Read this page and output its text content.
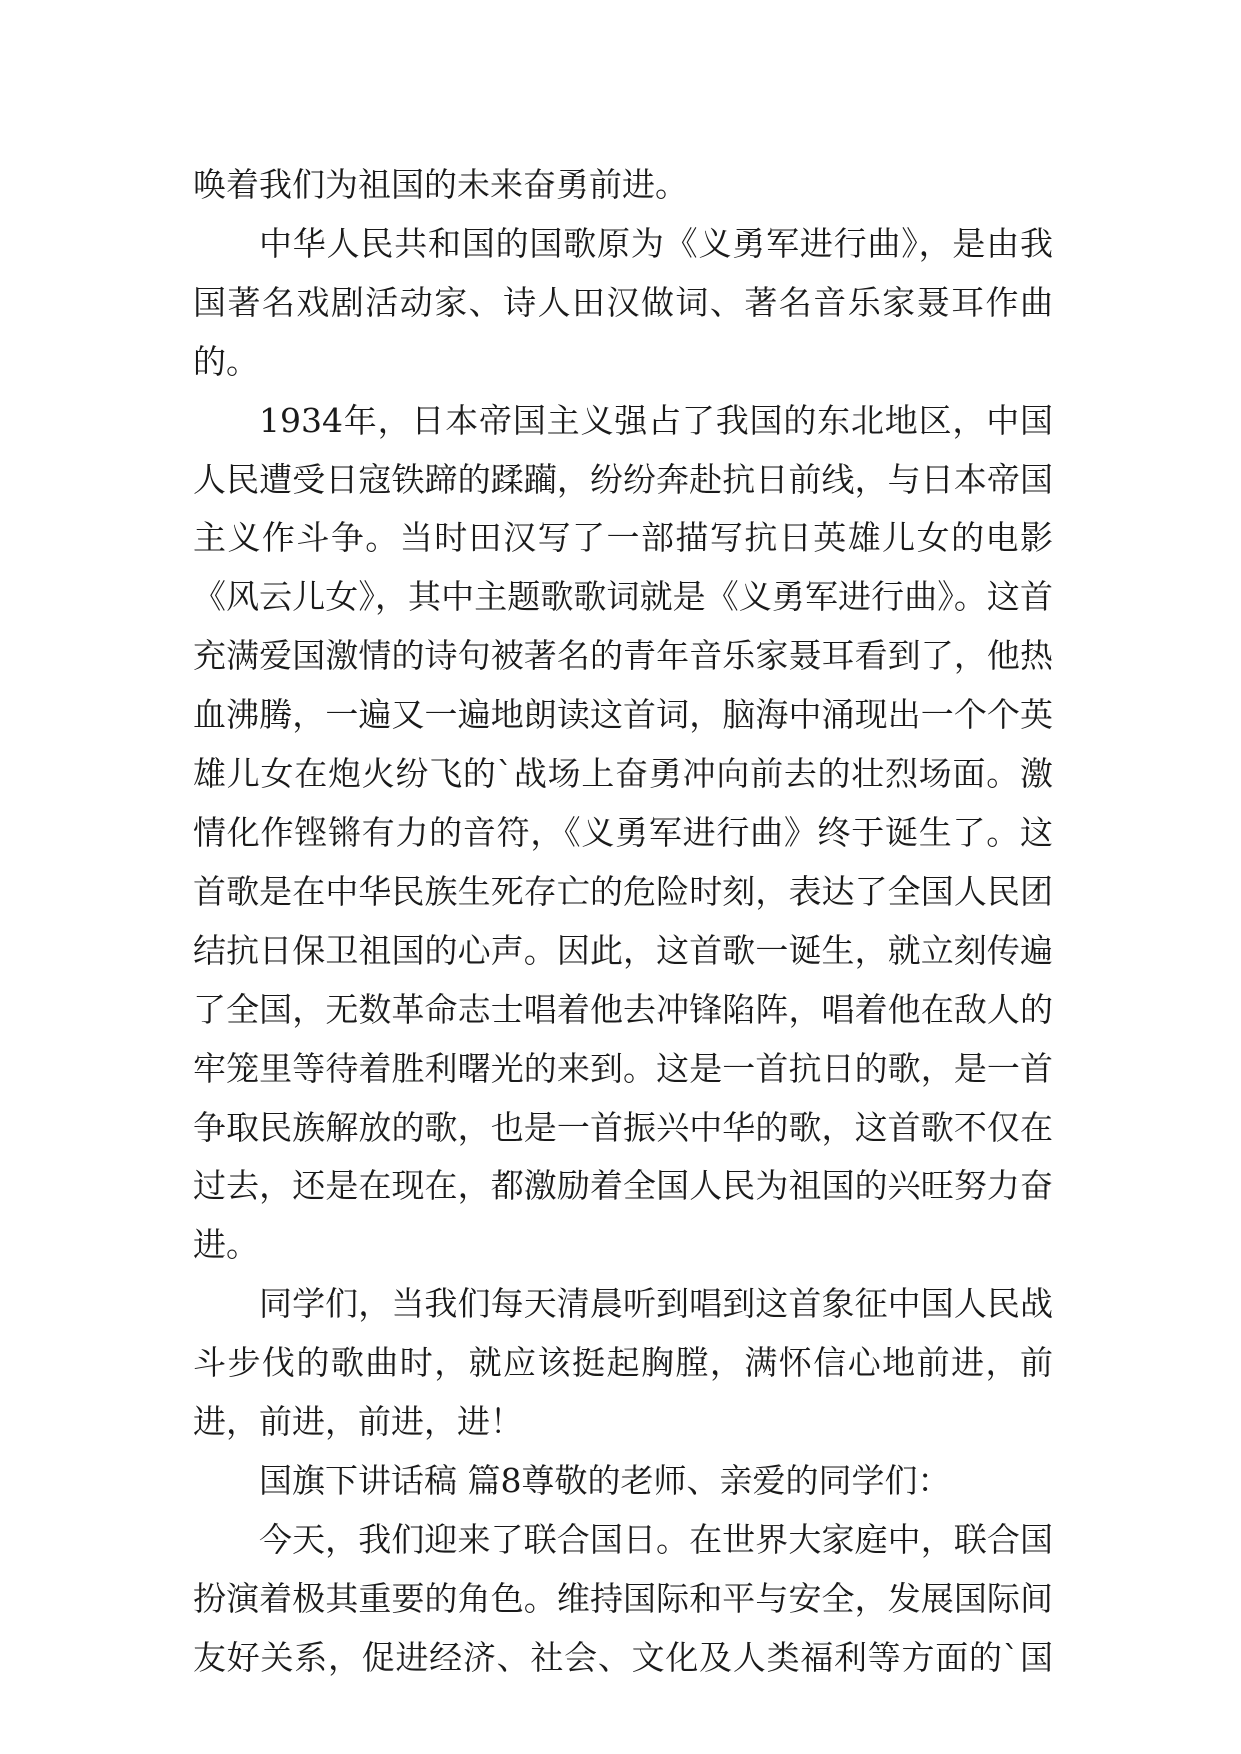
唤着我们为祖国的未来奋勇前进。

中华人民共和国的国歌原为《义勇军进行曲》，是由我国著名戏剧活动家、诗人田汉做词、著名音乐家聂耳作曲的。

1934年，日本帝国主义强占了我国的东北地区，中国人民遭受日寇铁蹄的蹂躏，纷纷奔赴抗日前线，与日本帝国主义作斗争。当时田汉写了一部描写抗日英雄儿女的电影《风云儿女》，其中主题歌歌词就是《义勇军进行曲》。这首充满爱国激情的诗句被著名的青年音乐家聂耳看到了，他热血沸腾，一遍又一遍地朗读这首词，脑海中涌现出一个个英雄儿女在炮火纷飞的`战场上奋勇冲向前去的壮烈场面。激情化作铿锵有力的音符，《义勇军进行曲》终于诞生了。这首歌是在中华民族生死存亡的危险时刻，表达了全国人民团结抗日保卫祖国的心声。因此，这首歌一诞生，就立刻传遍了全国，无数革命志士唱着他去冲锋陷阵，唱着他在敌人的牢笼里等待着胜利曙光的来到。这是一首抗日的歌，是一首争取民族解放的歌，也是一首振兴中华的歌，这首歌不仅在过去，还是在现在，都激励着全国人民为祖国的兴旺努力奋进。

同学们，当我们每天清晨听到唱到这首象征中国人民战斗步伐的歌曲时，就应该挺起胸膛，满怀信心地前进，前进，前进，前进，进！

国旗下讲话稿 篇8尊敬的老师、亲爱的同学们：

今天，我们迎来了联合国日。在世界大家庭中，联合国扮演着极其重要的角色。维持国际和平与安全，发展国际间友好关系，促进经济、社会、文化及人类福利等方面的`国
